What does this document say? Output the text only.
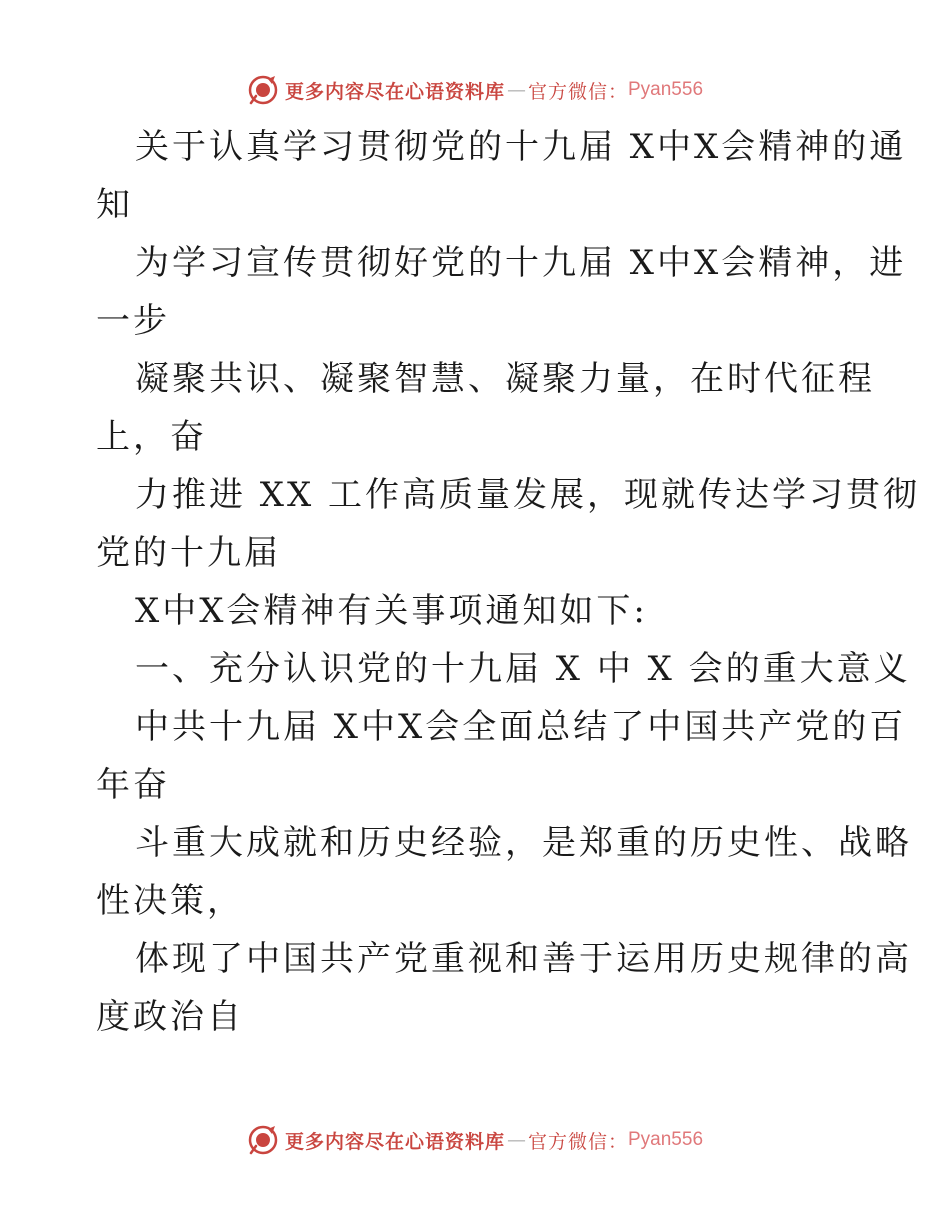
更多内容尽在心语资料库 — 官方微信： Pyan556
关于认真学习贯彻党的十九届 X中X会精神的通
知
为学习宣传贯彻好党的十九届 X中X会精神，进
一步
凝聚共识、凝聚智慧、凝聚力量，在时代征程
上，奋
力推进 XX 工作高质量发展，现就传达学习贯彻
党的十九届
X中X会精神有关事项通知如下:
一、充分认识党的十九届 X 中 X 会的重大意义
中共十九届 X中X会全面总结了中国共产党的百
年奋
斗重大成就和历史经验，是郑重的历史性、战略
性决策，
体现了中国共产党重视和善于运用历史规律的高
度政治自
更多内容尽在心语资料库 — 官方微信： Pyan556
